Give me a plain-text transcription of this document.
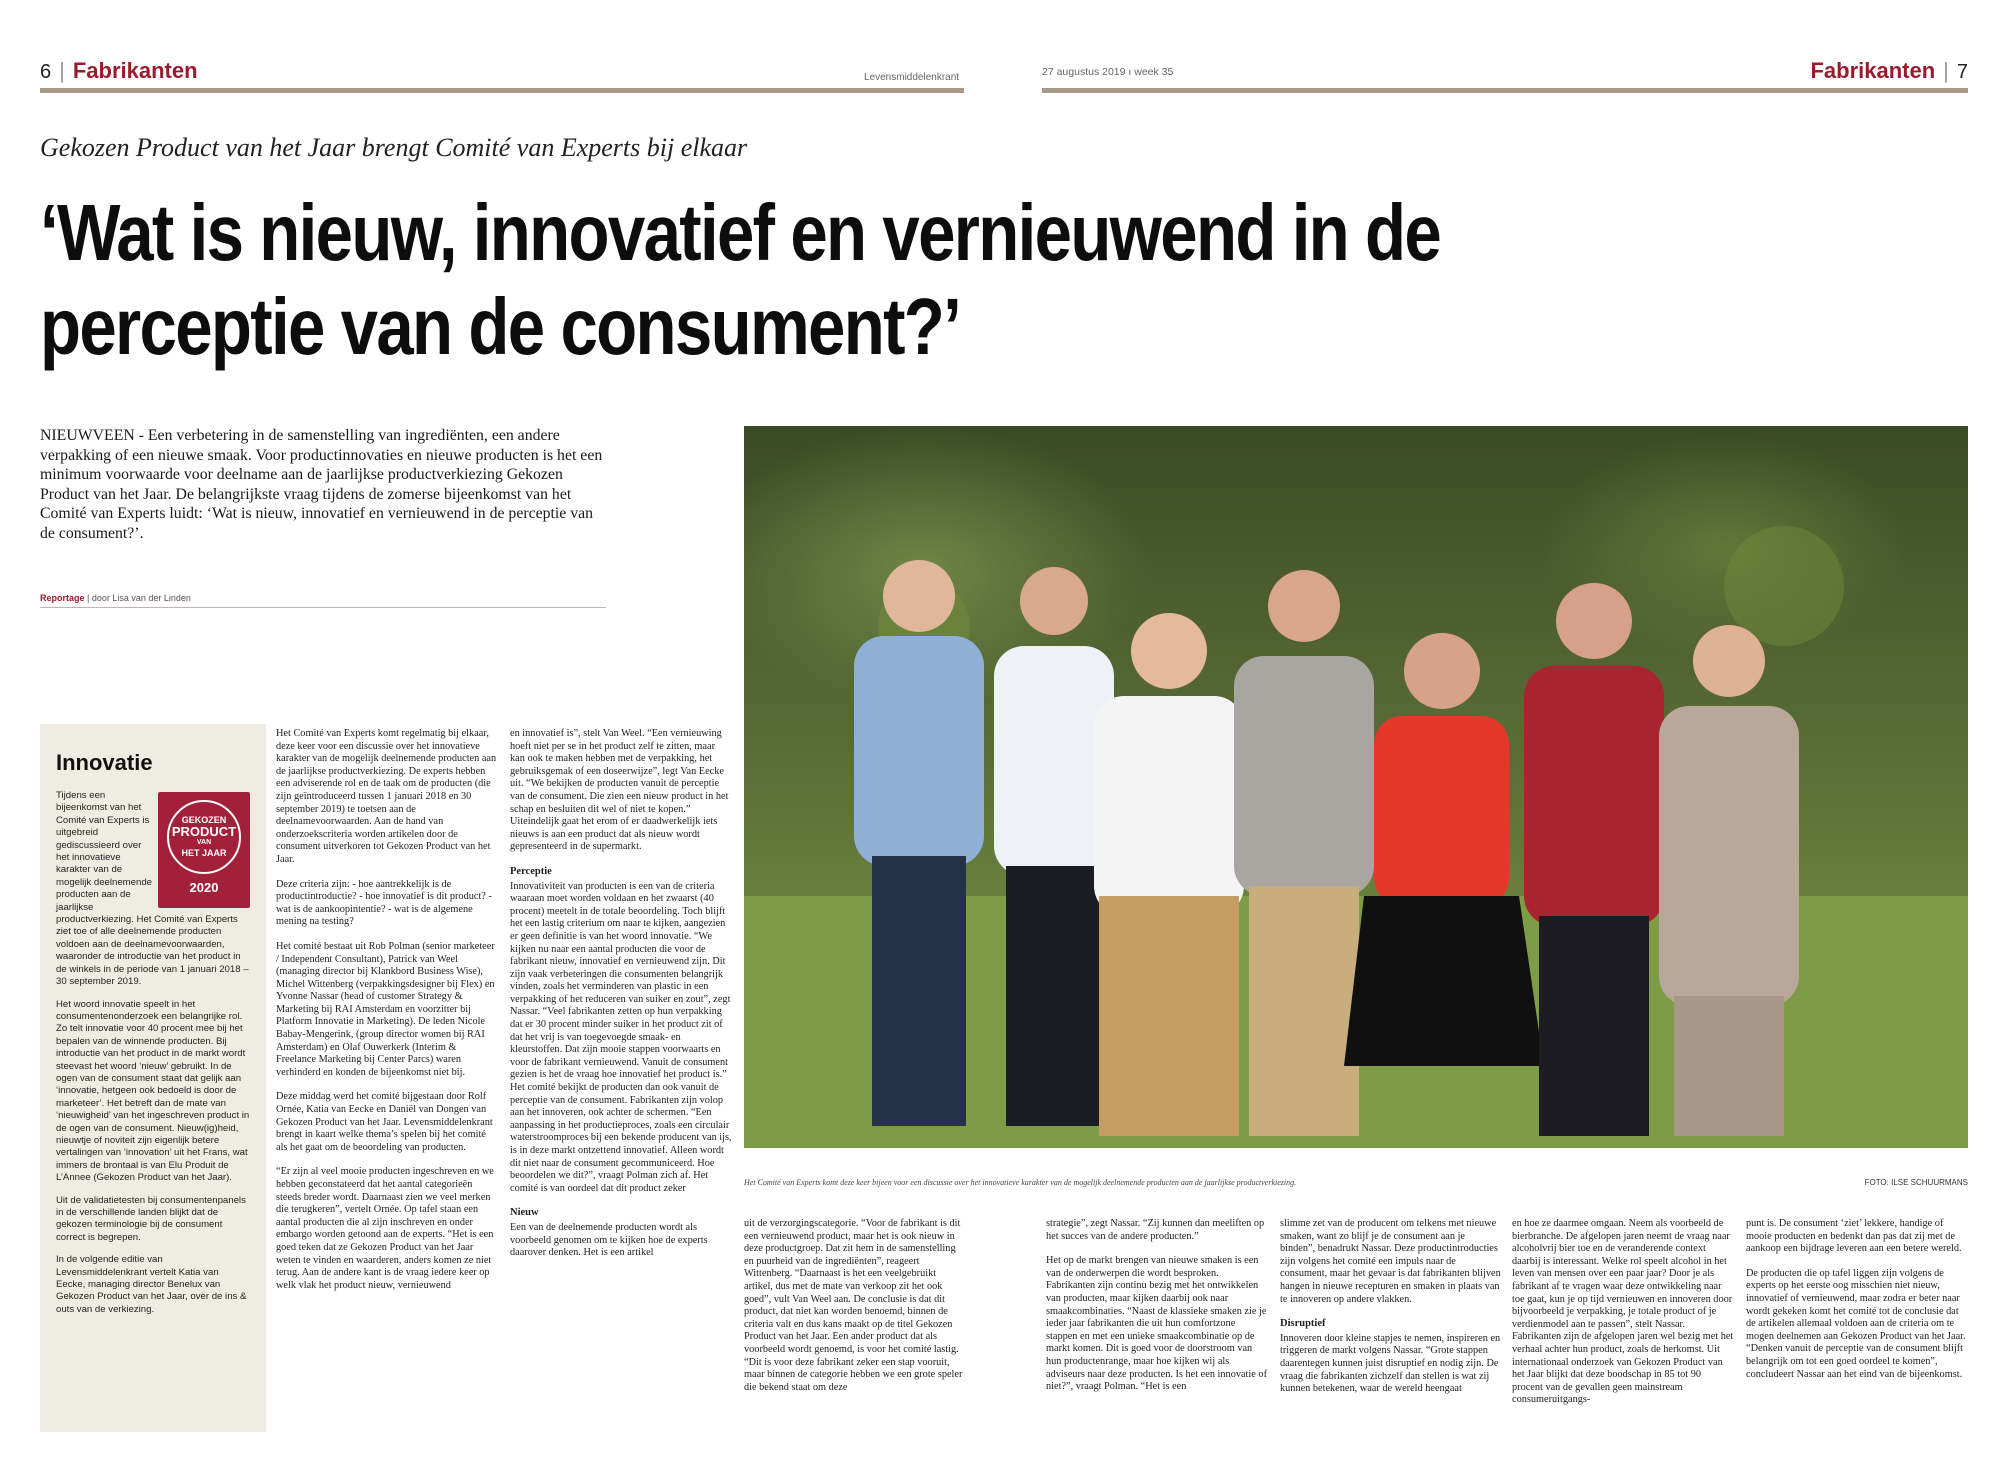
6 | Fabrikanten	Levensmiddelenkrant	27 augustus 2019 ı week 35	Fabrikanten | 7
Gekozen Product van het Jaar brengt Comité van Experts bij elkaar
‘Wat is nieuw, innovatief en vernieuwend in de perceptie van de consument?’
NIEUWVEEN - Een verbetering in de samenstelling van ingrediënten, een andere verpakking of een nieuwe smaak. Voor productinnovaties en nieuwe producten is het een minimum voorwaarde voor deelname aan de jaarlijkse productverkiezing Gekozen Product van het Jaar. De belangrijkste vraag tijdens de zomerse bijeenkomst van het Comité van Experts luidt: ‘Wat is nieuw, innovatief en vernieuwend in de perceptie van de consument?’.
Reportage | door Lisa van der Linden
Innovatie
GEKOZEN
PRODUCT
VAN
HET JAAR
2020

Tijdens een bijeenkomst van het Comité van Experts is uitgebreid gediscussieerd over het innovatieve karakter van de mogelijk deelnemende producten aan de jaarlijkse productverkiezing. Het Comité van Experts ziet toe of alle deelnemende producten voldoen aan de deelnamevoorwaarden, waaronder de introductie van het product in de winkels in de periode van 1 januari 2018 – 30 september 2019.

Het woord innovatie speelt in het consumentenonderzoek een belangrijke rol. Zo telt innovatie voor 40 procent mee bij het bepalen van de winnende producten. Bij introductie van het product in de markt wordt steevast het woord ‘nieuw’ gebruikt. In de ogen van de consument staat dat gelijk aan ‘innovatie, hetgeen ook bedoeld is door de marketeer’. Het betreft dan de mate van ‘nieuwigheid’ van het ingeschreven product in de ogen van de consument. Nieuw(ig)heid, nieuwtje of noviteit zijn eigenlijk betere vertalingen van ‘innovation’ uit het Frans, wat immers de brontaal is van Elu Produit de L’Annee (Gekozen Product van het Jaar).

Uit de validatietesten bij consumentenpanels in de verschillende landen blijkt dat de gekozen terminologie bij de consument correct is begrepen.

In de volgende editie van Levensmiddelenkrant vertelt Katia van Eecke, managing director Benelux van Gekozen Product van het Jaar, over de ins & outs van de verkiezing.

Het Comité van Experts komt regelmatig bij elkaar, deze keer voor een discussie over het innovatieve karakter van de mogelijk deelnemende producten aan de jaarlijkse productverkiezing. De experts hebben een adviserende rol en de taak om de producten (die zijn geïntroduceerd tussen 1 januari 2018 en 30 september 2019) te toetsen aan de deelnamevoorwaarden. Aan de hand van onderzoekscriteria worden artikelen door de consument uitverkoren tot Gekozen Product van het Jaar.

Deze criteria zijn: - hoe aantrekkelijk is de productintroductie? - hoe innovatief is dit product? - wat is de aankoopintentie? - wat is de algemene mening na testing?

Het comité bestaat uit Rob Polman (senior marketeer / Independent Consultant), Patrick van Weel (managing director bij Klankbord Business Wise), Michel Wittenberg (verpakkingsdesigner bij Flex) en Yvonne Nassar (head of customer Strategy & Marketing bij RAI Amsterdam en voorzitter bij Platform Innovatie in Marketing). De leden Nicole Babay-Mengerink, (group director women bij RAI Amsterdam) en Olaf Ouwerkerk (Interim & Freelance Marketing bij Center Parcs) waren verhinderd en konden de bijeenkomst niet bij.

Deze middag werd het comité bijgestaan door Rolf Ornée, Katia van Eecke en Daniël van Dongen van Gekozen Product van het Jaar. Levensmiddelenkrant brengt in kaart welke thema’s spelen bij het comité als het gaat om de beoordeling van producten.

“Er zijn al veel mooie producten ingeschreven en we hebben geconstateerd dat het aantal categorieën steeds breder wordt. Daarnaast zien we veel merken die terugkeren”, vertelt Ornée. Op tafel staan een aantal producten die al zijn inschreven en onder embargo worden getoond aan de experts. “Het is een goed teken dat ze Gekozen Product van het Jaar weten te vinden en waarderen, anders komen ze niet terug. Aan de andere kant is de vraag iedere keer op welk vlak het product nieuw, vernieuwend

en innovatief is”, stelt Van Weel. “Een vernieuwing hoeft niet per se in het product zelf te zitten, maar kan ook te maken hebben met de verpakking, het gebruiksgemak of een doseerwijze”, legt Van Eecke uit. “We bekijken de producten vanuit de perceptie van de consument. Die zien een nieuw product in het schap en besluiten dit wel of niet te kopen.” Uiteindelijk gaat het erom of er daadwerkelijk iets nieuws is aan een product dat als nieuw wordt gepresenteerd in de supermarkt.

Perceptie

Innovativiteit van producten is een van de criteria waaraan moet worden voldaan en het zwaarst (40 procent) meetelt in de totale beoordeling. Toch blijft het een lastig criterium om naar te kijken, aangezien er geen definitie is van het woord innovatie. “We kijken nu naar een aantal producten die voor de fabrikant nieuw, innovatief en vernieuwend zijn. Dit zijn vaak verbeteringen die consumenten belangrijk vinden, zoals het verminderen van plastic in een verpakking of het reduceren van suiker en zout”, zegt Nassar. “Veel fabrikanten zetten op hun verpakking dat er 30 procent minder suiker in het product zit of dat het vrij is van toegevoegde smaak- en kleurstoffen. Dat zijn mooie stappen voorwaarts en voor de fabrikant vernieuwend. Vanuit de consument gezien is het de vraag hoe innovatief het product is.” Het comité bekijkt de producten dan ook vanuit de perceptie van de consument. Fabrikanten zijn volop aan het innoveren, ook achter de schermen. “Een aanpassing in het productieproces, zoals een circulair waterstroomproces bij een bekende producent van ijs, is in deze markt ontzettend innovatief. Alleen wordt dit niet naar de consument gecommuniceerd. Hoe beoordelen we dit?”, vraagt Polman zich af. Het comité is van oordeel dat dit product zeker

Nieuw

Een van de deelnemende producten wordt als voorbeeld genomen om te kijken hoe de experts daarover denken. Het is een artikel

Het Comité van Experts komt deze keer bijeen voor een discussie over het innovatieve karakter van de mogelijk deelnemende producten aan de jaarlijkse productverkiezing.	FOTO: ILSE SCHUURMANS

uit de verzorgingscategorie. “Voor de fabrikant is dit een vernieuwend product, maar het is ook nieuw in deze productgroep. Dat zit hem in de samenstelling en puurheid van de ingrediënten”, reageert Wittenberg. “Daarnaast is het een veelgebruikt artikel, dus met de mate van verkoop zit het ook goed”, vult Van Weel aan. De conclusie is dat dit product, dat niet kan worden benoemd, binnen de criteria valt en dus kans maakt op de titel Gekozen Product van het Jaar. Een ander product dat als voorbeeld wordt genoemd, is voor het comité lastig. “Dit is voor deze fabrikant zeker een stap vooruit, maar binnen de categorie hebben we een grote speler die bekend staat om deze

strategie”, zegt Nassar. “Zij kunnen dan meeliften op het succes van de andere producten.”

Het op de markt brengen van nieuwe smaken is een van de onderwerpen die wordt besproken. Fabrikanten zijn continu bezig met het ontwikkelen van producten, maar kijken daarbij ook naar smaakcombinaties. “Naast de klassieke smaken zie je ieder jaar fabrikanten die uit hun comfortzone stappen en met een unieke smaakcombinatie op de markt komen. Dit is goed voor de doorstroom van hun productenrange, maar hoe kijken wij als adviseurs naar deze producten. Is het een innovatie of niet?”, vraagt Polman. “Het is een

slimme zet van de producent om telkens met nieuwe smaken, want zo blijf je de consument aan je binden”, benadrukt Nassar. Deze productintroducties zijn volgens het comité een impuls naar de consument, maar het gevaar is dat fabrikanten blijven hangen in nieuwe recepturen en smaken in plaats van te innoveren op andere vlakken.

Disruptief

Innoveren door kleine stapjes te nemen, inspireren en triggeren de markt volgens Nassar. “Grote stappen daarentegen kunnen juist disruptief en nodig zijn. De vraag die fabrikanten zichzelf dan stellen is wat zij kunnen betekenen, waar de wereld heengaat

en hoe ze daarmee omgaan. Neem als voorbeeld de bierbranche. De afgelopen jaren neemt de vraag naar alcoholvrij bier toe en de veranderende context daarbij is interessant. Welke rol speelt alcohol in het leven van mensen over een paar jaar? Door je als fabrikant af te vragen waar deze ontwikkeling naar toe gaat, kun je op tijd vernieuwen en innoveren door bijvoorbeeld je verpakking, je totale product of je verdienmodel aan te passen”, stelt Nassar. Fabrikanten zijn de afgelopen jaren wel bezig met het verhaal achter hun product, zoals de herkomst. Uit internationaal onderzoek van Gekozen Product van het Jaar blijkt dat deze boodschap in 85 tot 90 procent van de gevallen geen mainstream consumeruitgangs-

punt is. De consument ‘ziet’ lekkere, handige of mooie producten en bedenkt dan pas dat zij met de aankoop een bijdrage leveren aan een betere wereld.

De producten die op tafel liggen zijn volgens de experts op het eerste oog misschien niet nieuw, innovatief of vernieuwend, maar zodra er beter naar wordt gekeken komt het comité tot de conclusie dat de artikelen allemaal voldoen aan de criteria om te mogen deelnemen aan Gekozen Product van het Jaar. “Denken vanuit de perceptie van de consument blijft belangrijk om tot een goed oordeel te komen”, concludeert Nassar aan het eind van de bijeenkomst.
